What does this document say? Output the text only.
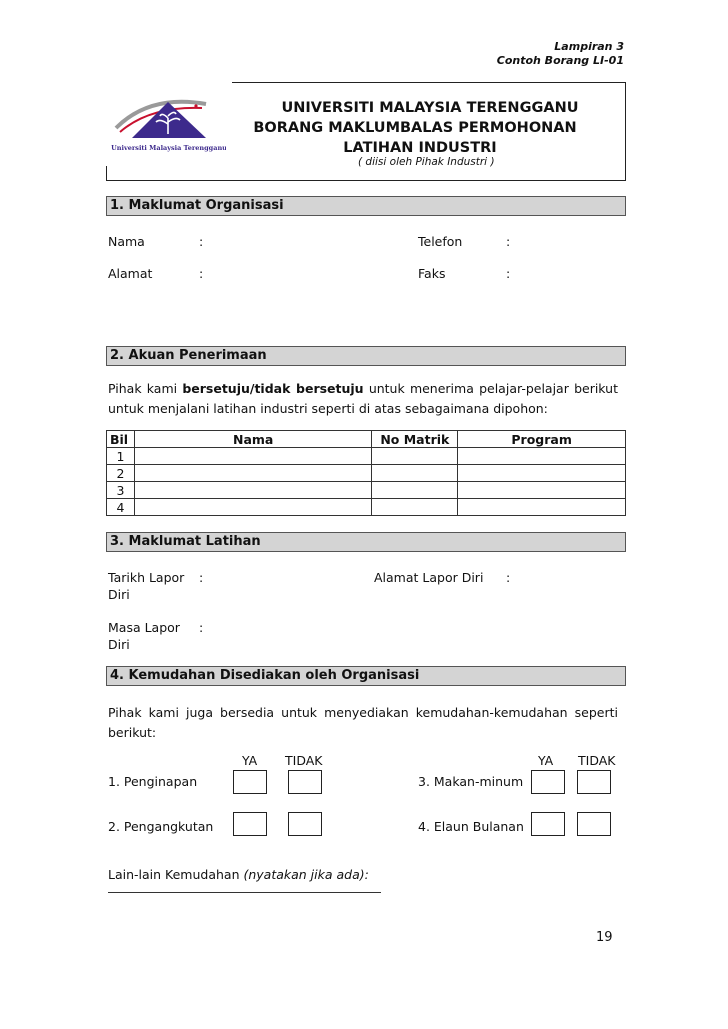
Lampiran 3
Contoh Borang LI-01
Universiti Malaysia Terengganu
UNIVERSITI MALAYSIA TERENGGANU
BORANG MAKLUMBALAS PERMOHONAN
LATIHAN INDUSTRI
( diisi oleh Pihak Industri )
1. Maklumat Organisasi
Nama	:	Telefon	:
Alamat	:	Faks	:
2. Akuan Penerimaan
Pihak kami bersetuju/tidak bersetuju untuk menerima pelajar-pelajar berikut untuk menjalani latihan industri seperti di atas sebagaimana dipohon:
Bil	Nama	No Matrik	Program
1			
2			
3			
4			
3. Maklumat Latihan
Tarikh Lapor
Diri
:	Alamat Lapor Diri :
Masa Lapor
Diri
:
4. Kemudahan Disediakan oleh Organisasi
Pihak kami juga bersedia untuk menyediakan kemudahan-kemudahan seperti berikut:
YA TIDAK	YA TIDAK
1. Penginapan	3. Makan-minum
2. Pengangkutan	4. Elaun Bulanan
Lain-lain Kemudahan (nyatakan jika ada):
19
